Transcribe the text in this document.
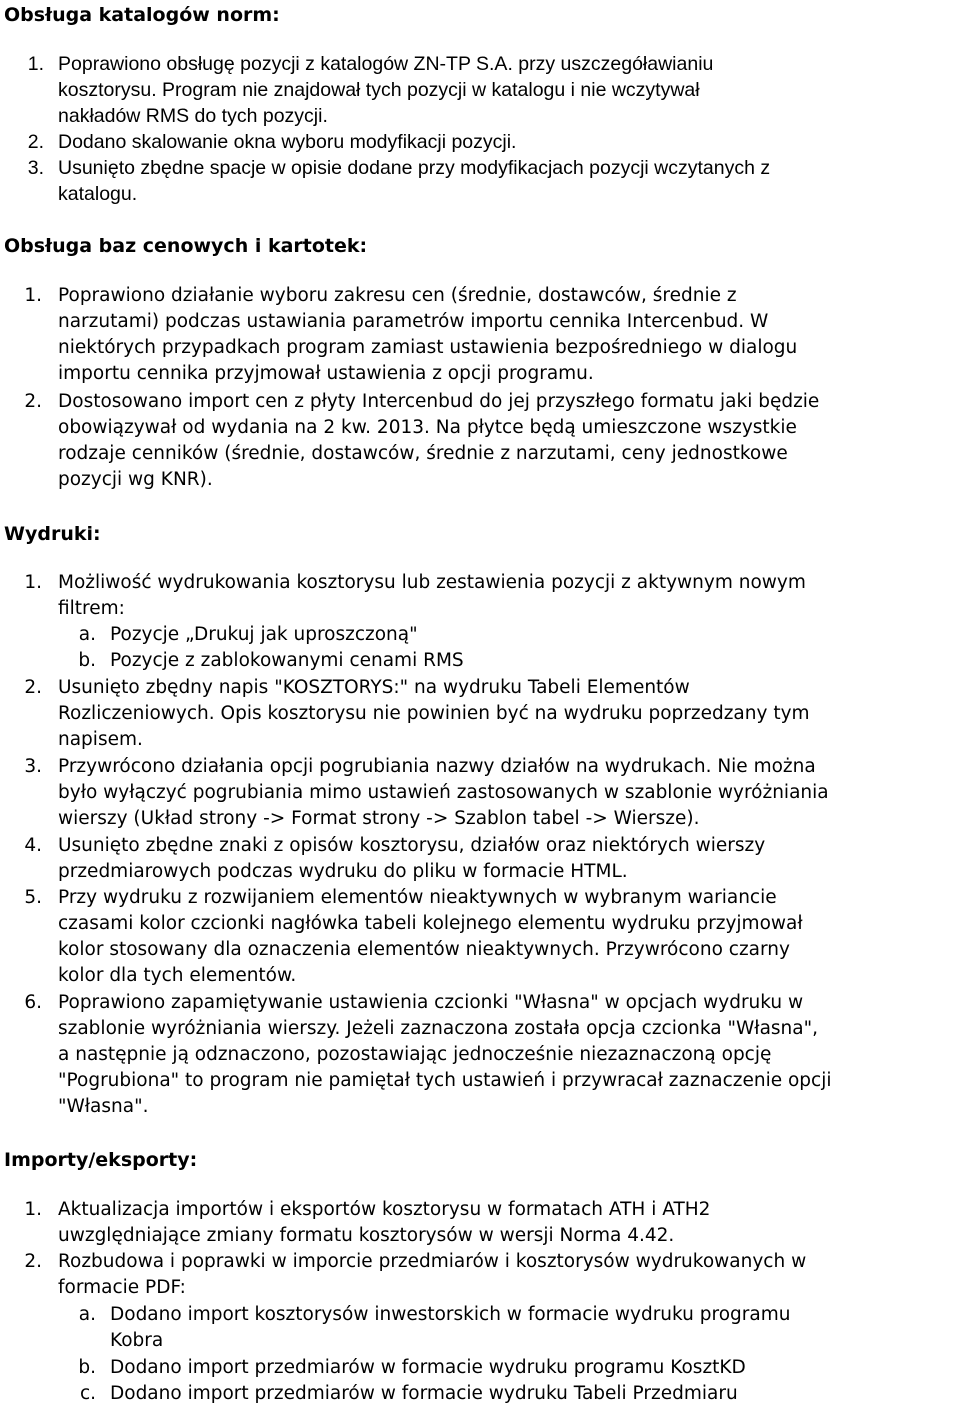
Obsługa katalogów norm:
1. Poprawiono obsługę pozycji z katalogów ZN-TP S.A. przy uszczegóławianiu
kosztorysu. Program nie znajdował tych pozycji w katalogu i nie wczytywał
nakładów RMS do tych pozycji.
2. Dodano skalowanie okna wyboru modyfikacji pozycji.
3. Usunięto zbędne spacje w opisie dodane przy modyfikacjach pozycji wczytanych z
katalogu.
Obsługa baz cenowych i kartotek:
1. Poprawiono działanie wyboru zakresu cen (średnie, dostawców, średnie z
narzutami) podczas ustawiania parametrów importu cennika Intercenbud. W
niektórych przypadkach program zamiast ustawienia bezpośredniego w dialogu
importu cennika przyjmował ustawienia z opcji programu.
2. Dostosowano import cen z płyty Intercenbud do jej przyszłego formatu jaki będzie
obowiązywał od wydania na 2 kw. 2013. Na płytce będą umieszczone wszystkie
rodzaje cenników (średnie, dostawców, średnie z narzutami, ceny jednostkowe
pozycji wg KNR).
Wydruki:
1. Możliwość wydrukowania kosztorysu lub zestawienia pozycji z aktywnym nowym
filtrem:
a. Pozycje „Drukuj jak uproszczoną"
b. Pozycje z zablokowanymi cenami RMS
2. Usunięto zbędny napis "KOSZTORYS:" na wydruku Tabeli Elementów
Rozliczeniowych. Opis kosztorysu nie powinien być na wydruku poprzedzany tym
napisem.
3. Przywrócono działania opcji pogrubiania nazwy działów na wydrukach. Nie można
było wyłączyć pogrubiania mimo ustawień zastosowanych w szablonie wyróżniania
wierszy (Układ strony -> Format strony -> Szablon tabel -> Wiersze).
4. Usunięto zbędne znaki z opisów kosztorysu, działów oraz niektórych wierszy
przedmiarowych podczas wydruku do pliku w formacie HTML.
5. Przy wydruku z rozwijaniem elementów nieaktywnych w wybranym wariancie
czasami kolor czcionki nagłówka tabeli kolejnego elementu wydruku przyjmował
kolor stosowany dla oznaczenia elementów nieaktywnych. Przywrócono czarny
kolor dla tych elementów.
6. Poprawiono zapamiętywanie ustawienia czcionki "Własna" w opcjach wydruku w
szablonie wyróżniania wierszy. Jeżeli zaznaczona została opcja czcionka "Własna",
a następnie ją odznaczono, pozostawiając jednocześnie niezaznaczoną opcję
"Pogrubiona" to program nie pamiętał tych ustawień i przywracał zaznaczenie opcji
"Własna".
Importy/eksporty:
1. Aktualizacja importów i eksportów kosztorysu w formatach ATH i ATH2
uwzględniające zmiany formatu kosztorysów w wersji Norma 4.42.
2. Rozbudowa i poprawki w imporcie przedmiarów i kosztorysów wydrukowanych w
formacie PDF:
a. Dodano import kosztorysów inwestorskich w formacie wydruku programu
Kobra
b. Dodano import przedmiarów w formacie wydruku programu KosztKD
c. Dodano import przedmiarów w formacie wydruku Tabeli Przedmiaru
